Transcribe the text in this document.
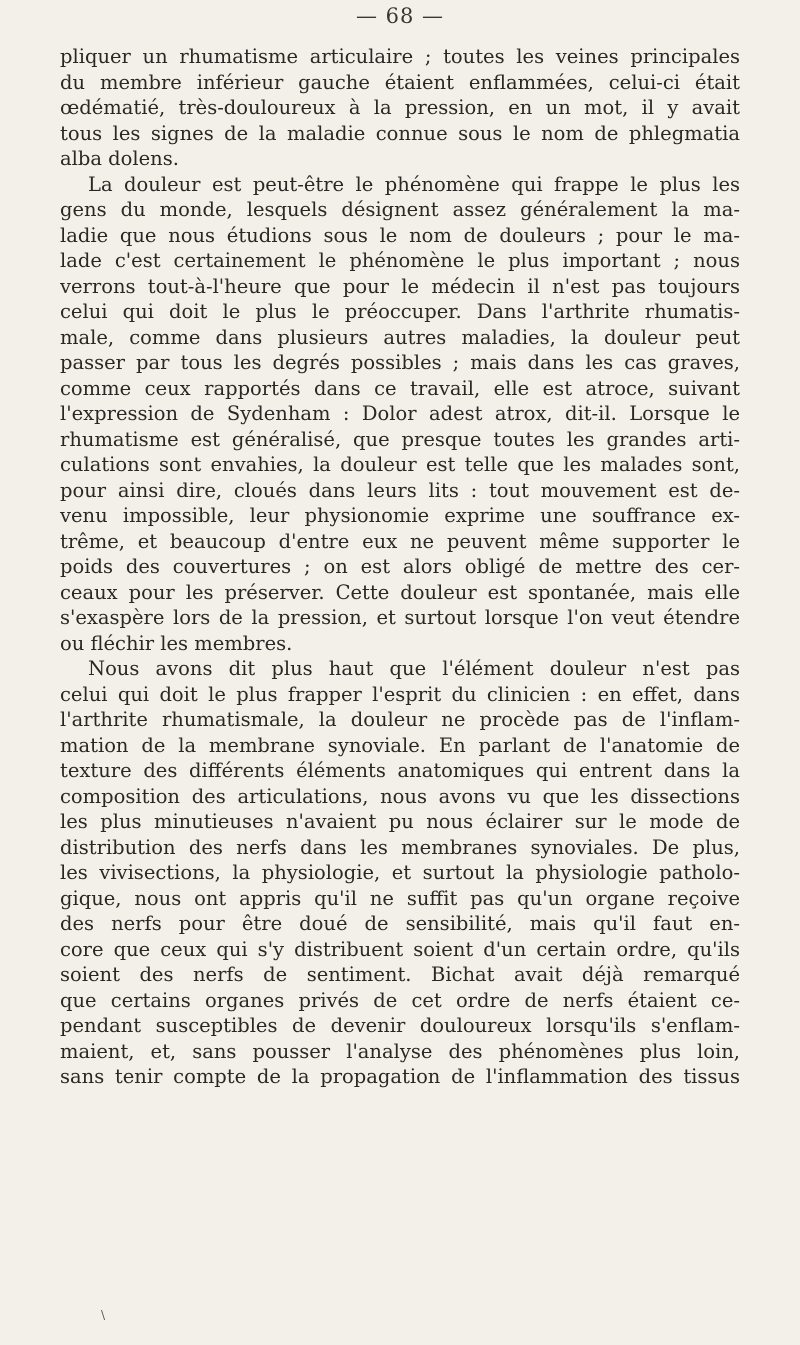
— 68 —
pliquer un rhumatisme articulaire ; toutes les veines principales
du membre inférieur gauche étaient enflammées, celui-ci était
œdématié, très-douloureux à la pression, en un mot, il y avait
tous les signes de la maladie connue sous le nom de phlegmatia
alba dolens.
La douleur est peut-être le phénomène qui frappe le plus les
gens du monde, lesquels désignent assez généralement la ma-
ladie que nous étudions sous le nom de douleurs ; pour le ma-
lade c'est certainement le phénomène le plus important ; nous
verrons tout-à-l'heure que pour le médecin il n'est pas toujours
celui qui doit le plus le préoccuper. Dans l'arthrite rhumatis-
male, comme dans plusieurs autres maladies, la douleur peut
passer par tous les degrés possibles ; mais dans les cas graves,
comme ceux rapportés dans ce travail, elle est atroce, suivant
l'expression de Sydenham : Dolor adest atrox, dit-il. Lorsque le
rhumatisme est généralisé, que presque toutes les grandes arti-
culations sont envahies, la douleur est telle que les malades sont,
pour ainsi dire, cloués dans leurs lits : tout mouvement est de-
venu impossible, leur physionomie exprime une souffrance ex-
trême, et beaucoup d'entre eux ne peuvent même supporter le
poids des couvertures ; on est alors obligé de mettre des cer-
ceaux pour les préserver. Cette douleur est spontanée, mais elle
s'exaspère lors de la pression, et surtout lorsque l'on veut étendre
ou fléchir les membres.
Nous avons dit plus haut que l'élément douleur n'est pas
celui qui doit le plus frapper l'esprit du clinicien : en effet, dans
l'arthrite rhumatismale, la douleur ne procède pas de l'inflam-
mation de la membrane synoviale. En parlant de l'anatomie de
texture des différents éléments anatomiques qui entrent dans la
composition des articulations, nous avons vu que les dissections
les plus minutieuses n'avaient pu nous éclairer sur le mode de
distribution des nerfs dans les membranes synoviales. De plus,
les vivisections, la physiologie, et surtout la physiologie patholo-
gique, nous ont appris qu'il ne suffit pas qu'un organe reçoive
des nerfs pour être doué de sensibilité, mais qu'il faut en-
core que ceux qui s'y distribuent soient d'un certain ordre, qu'ils
soient des nerfs de sentiment. Bichat avait déjà remarqué
que certains organes privés de cet ordre de nerfs étaient ce-
pendant susceptibles de devenir douloureux lorsqu'ils s'enflam-
maient, et, sans pousser l'analyse des phénomènes plus loin,
sans tenir compte de la propagation de l'inflammation des tissus
\
